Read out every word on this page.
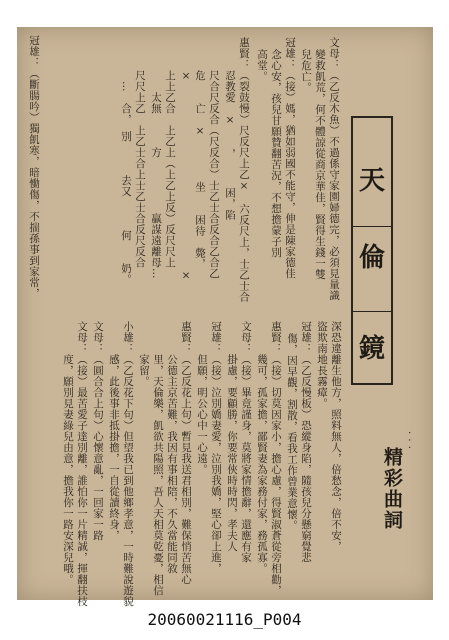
天
倫
鏡
精彩曲詞
· · ·
文母：（乙反木魚）不過係守家園婦德完，必須見量識
變救飢荒，何不體諒從商京華佳，賢得生錢一雙
兒危亡。
冠雄：（接）媽，猶如弱國不能守，伸是陳家德佳
念心安，孩兒甘願贊翻苦況，不想擔蒙子別
高堂。
惠賢：（裂鼓慢）尺反尺上乙×　六反尺上，士乙士合
　　　忍教愛　×　　，　　　困，陷
　　　尺合尺反合（尺反合）士乙士合反合乙合乙
　　　危　　亡　×　　　　坐　　困待　斃，
　　　×　　　　　　　　　　　　　　　　　×
　　　上上乙合　上乙上（上乙上反）反尺尺上
　　　　　太無　　　方　　　　　贏謀遠離母…
　　　尺尺上乙　上乙士合上士乙士合反尺反合
　　　　…　合，　別　　　去又　　　何　　奶。
冠雄：（斷腸吟）獨飢寒，暗慟傷，不揣孫事到家常，
深恐違離生他方，照料無人，倍愁念，倍不安，
盜欺南地長霧瘴。
冠雄：（乙反慢板）恐縱身陷，隨孩兒分懸窮覺悲
傷，因早觀，割散，看我工作曾業意懷。
惠賢：（接）切莫因家小，擔心慮，得賢淑蒼從旁相勸，
　　　幾可，孤家擔，鄙賢妻為家務付家，務孤寡。
文母：（接）畢竟謹身，莫將家情擔辭，還應有家
　　　掛慮，要顧勝，你要常俠時時閃，孝夫人
冠雄：（接）泣別嬌妻愛，泣別我嬌，堅心卻上進，
　　　但願，明公心中一心遠。
惠賢：（乙反花上句）暫見我送君相別，難保悄苦無心
　　　公德主京苦難，我因有事相陪，不久當能同敘
　　　里，天倫樂，飢欲共陽照，吾人天相莫乾憂，相信
　　　家留。
小雄：（乙反花下句）但望我已到他鄉孝意，一時難說遊貌
　　　感，此後事非抵掛擔，一自從讀終身，
文母：（圓合合上句）心懷意亂，一回家一路
文母：（接）最苦愛子達別離，誰怕你一片精誠，揮翻扶枝
　　　度，願別見妻綠兒由意，擔我你一路安深兒哦。
20060021116_P004
